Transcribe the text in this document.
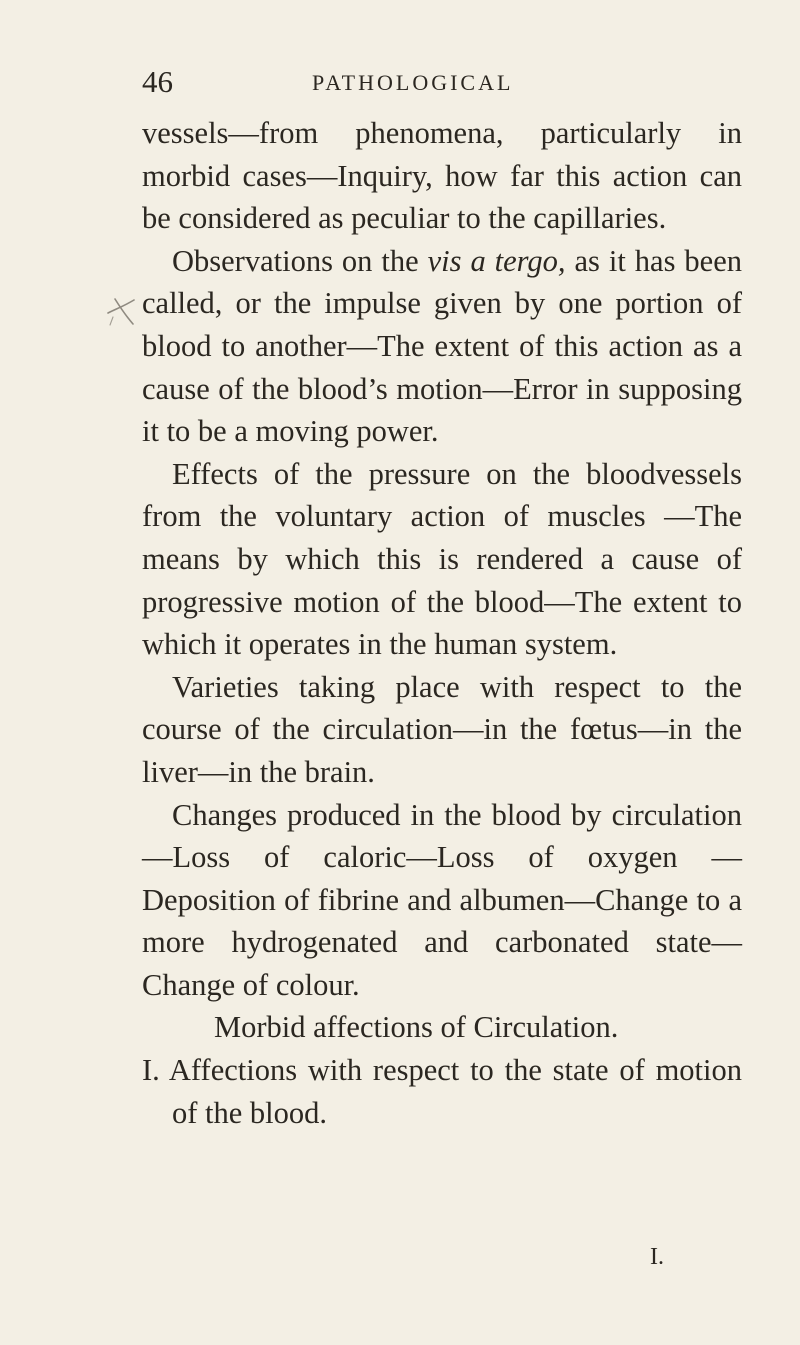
46	PATHOLOGICAL

vessels—from phenomena, particularly in morbid cases—Inquiry, how far this action can be considered as peculiar to the capillaries.

Observations on the vis a tergo, as it has been called, or the impulse given by one portion of blood to another—The extent of this action as a cause of the blood’s motion—Error in supposing it to be a moving power.

Effects of the pressure on the bloodvessels from the voluntary action of muscles —The means by which this is rendered a cause of progressive motion of the blood—The extent to which it operates in the human system.

Varieties taking place with respect to the course of the circulation—in the fœtus—in the liver—in the brain.

Changes produced in the blood by circulation—Loss of caloric—Loss of oxygen —Deposition of fibrine and albumen—Change to a more hydrogenated and carbonated state—Change of colour.

Morbid affections of Circulation.

I. Affections with respect to the state of motion of the blood.

I.
